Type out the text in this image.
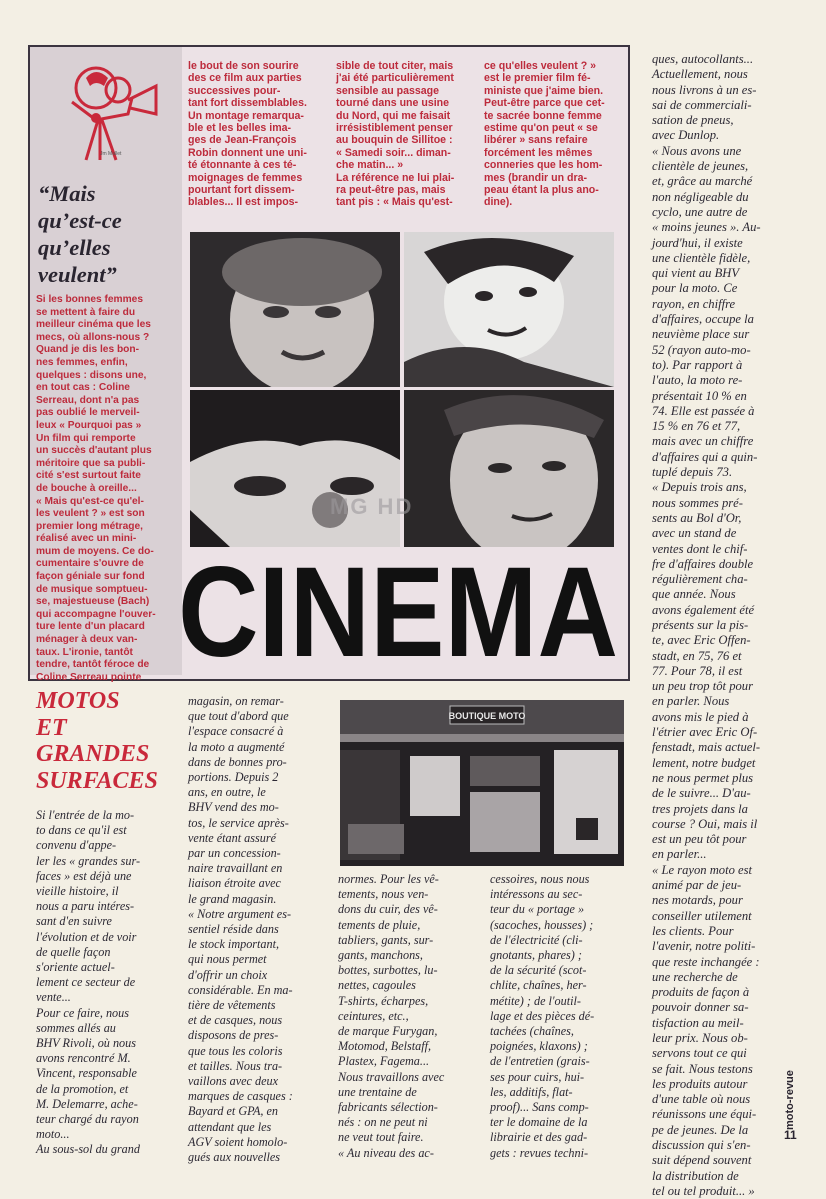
Jm Mallet

“Mais
qu’est-ce
qu’elles
veulent”

Si les bonnes femmes
se mettent à faire du
meilleur cinéma que les
mecs, où allons-nous ?
Quand je dis les bon-
nes femmes, enfin,
quelques : disons une,
en tout cas : Coline
Serreau, dont n'a pas
pas oublié le merveil-
leux « Pourquoi pas »
Un film qui remporte
un succès d'autant plus
méritoire que sa publi-
cité s'est surtout faite
de bouche à oreille...
« Mais qu'est-ce qu'el-
les veulent ? » est son
premier long métrage,
réalisé avec un mini-
mum de moyens. Ce do-
cumentaire s'ouvre de
façon géniale sur fond
de musique somptueu-
se, majestueuse (Bach)
qui accompagne l'ouver-
ture lente d'un placard
ménager à deux van-
taux. L'ironie, tantôt
tendre, tantôt féroce de
Coline Serreau pointe

le bout de son sourire
des ce film aux parties
successives pour-
tant fort dissemblables.
Un montage remarqua-
ble et les belles ima-
ges de Jean-François
Robin donnent une uni-
té étonnante à ces té-
moignages de femmes
pourtant fort dissem-
blables... Il est impos-

sible de tout citer, mais
j'ai été particulièrement
sensible au passage
tourné dans une usine
du Nord, qui me faisait
irrésistiblement penser
au bouquin de Sillitoe :
« Samedi soir... diman-
che matin... »
La référence ne lui plai-
ra peut-être pas, mais
tant pis : « Mais qu'est-

ce qu'elles veulent ? »
est le premier film fé-
ministe que j'aime bien.
Peut-être parce que cet-
te sacrée bonne femme
estime qu'on peut « se
libérer » sans refaire
forcément les mêmes
conneries que les hom-
mes (brandir un dra-
peau étant la plus ano-
dine).

MG HD
CINEMA

MOTOS
ET
GRANDES
SURFACES

Si l'entrée de la mo-
to dans ce qu'il est
convenu d'appe-
ler les « grandes sur-
faces » est déjà une
vieille histoire, il
nous a paru intéres-
sant d'en suivre
l'évolution et de voir
de quelle façon
s'oriente actuel-
lement ce secteur de
vente...
Pour ce faire, nous
sommes allés au
BHV Rivoli, où nous
avons rencontré M.
Vincent, responsable
de la promotion, et
M. Delemarre, ache-
teur chargé du rayon
moto...
Au sous-sol du grand

magasin, on remar-
que tout d'abord que
l'espace consacré à
la moto a augmenté
dans de bonnes pro-
portions. Depuis 2
ans, en outre, le
BHV vend des mo-
tos, le service après-
vente étant assuré
par un concession-
naire travaillant en
liaison étroite avec
le grand magasin.
« Notre argument es-
sentiel réside dans
le stock important,
qui nous permet
d'offrir un choix
considérable. En ma-
tière de vêtements
et de casques, nous
disposons de pres-
que tous les coloris
et tailles. Nous tra-
vaillons avec deux
marques de casques :
Bayard et GPA, en
attendant que les
AGV soient homolo-
gués aux nouvelles

BOUTIQUE MOTO

normes. Pour les vê-
tements, nous ven-
dons du cuir, des vê-
tements de pluie,
tabliers, gants, sur-
gants, manchons,
bottes, surbottes, lu-
nettes, cagoules
T-shirts, écharpes,
ceintures, etc.,
de marque Furygan,
Motomod, Belstaff,
Plastex, Fagema...
Nous travaillons avec
une trentaine de
fabricants sélection-
nés : on ne peut ni
ne veut tout faire.
« Au niveau des ac-

cessoires, nous nous
intéressons au sec-
teur du « portage »
(sacoches, housses) ;
de l'électricité (cli-
gnotants, phares) ;
de la sécurité (scot-
chlite, chaînes, her-
métite) ; de l'outil-
lage et des pièces dé-
tachées (chaînes,
poignées, klaxons) ;
de l'entretien (grais-
ses pour cuirs, hui-
les, additifs, flat-
proof)... Sans comp-
ter le domaine de la
librairie et des gad-
gets : revues techni-

ques, autocollants...
Actuellement, nous
nous livrons à un es-
sai de commerciali-
sation de pneus,
avec Dunlop.
« Nous avons une
clientèle de jeunes,
et, grâce au marché
non négligeable du
cyclo, une autre de
« moins jeunes ». Au-
jourd'hui, il existe
une clientèle fidèle,
qui vient au BHV
pour la moto. Ce
rayon, en chiffre
d'affaires, occupe la
neuvième place sur
52 (rayon auto-mo-
to). Par rapport à
l'auto, la moto re-
présentait 10 % en
74. Elle est passée à
15 % en 76 et 77,
mais avec un chiffre
d'affaires qui a quin-
tuplé depuis 73.
« Depuis trois ans,
nous sommes pré-
sents au Bol d'Or,
avec un stand de
ventes dont le chif-
fre d'affaires double
régulièrement cha-
que année. Nous
avons également été
présents sur la pis-
te, avec Eric Offen-
stadt, en 75, 76 et
77. Pour 78, il est
un peu trop tôt pour
en parler. Nous
avons mis le pied à
l'étrier avec Eric Of-
fenstadt, mais actuel-
lement, notre budget
ne nous permet plus
de le suivre... D'au-
tres projets dans la
course ? Oui, mais il
est un peu tôt pour
en parler...
« Le rayon moto est
animé par de jeu-
nes motards, pour
conseiller utilement
les clients. Pour
l'avenir, notre politi-
que reste inchangée :
une recherche de
produits de façon à
pouvoir donner sa-
tisfaction au meil-
leur prix. Nous ob-
servons tout ce qui
se fait. Nous testons
les produits autour
d'une table où nous
réunissons une équi-
pe de jeunes. De la
discussion qui s'en-
suit dépend souvent
la distribution de
tel ou tel produit... »

moto-revue
11
